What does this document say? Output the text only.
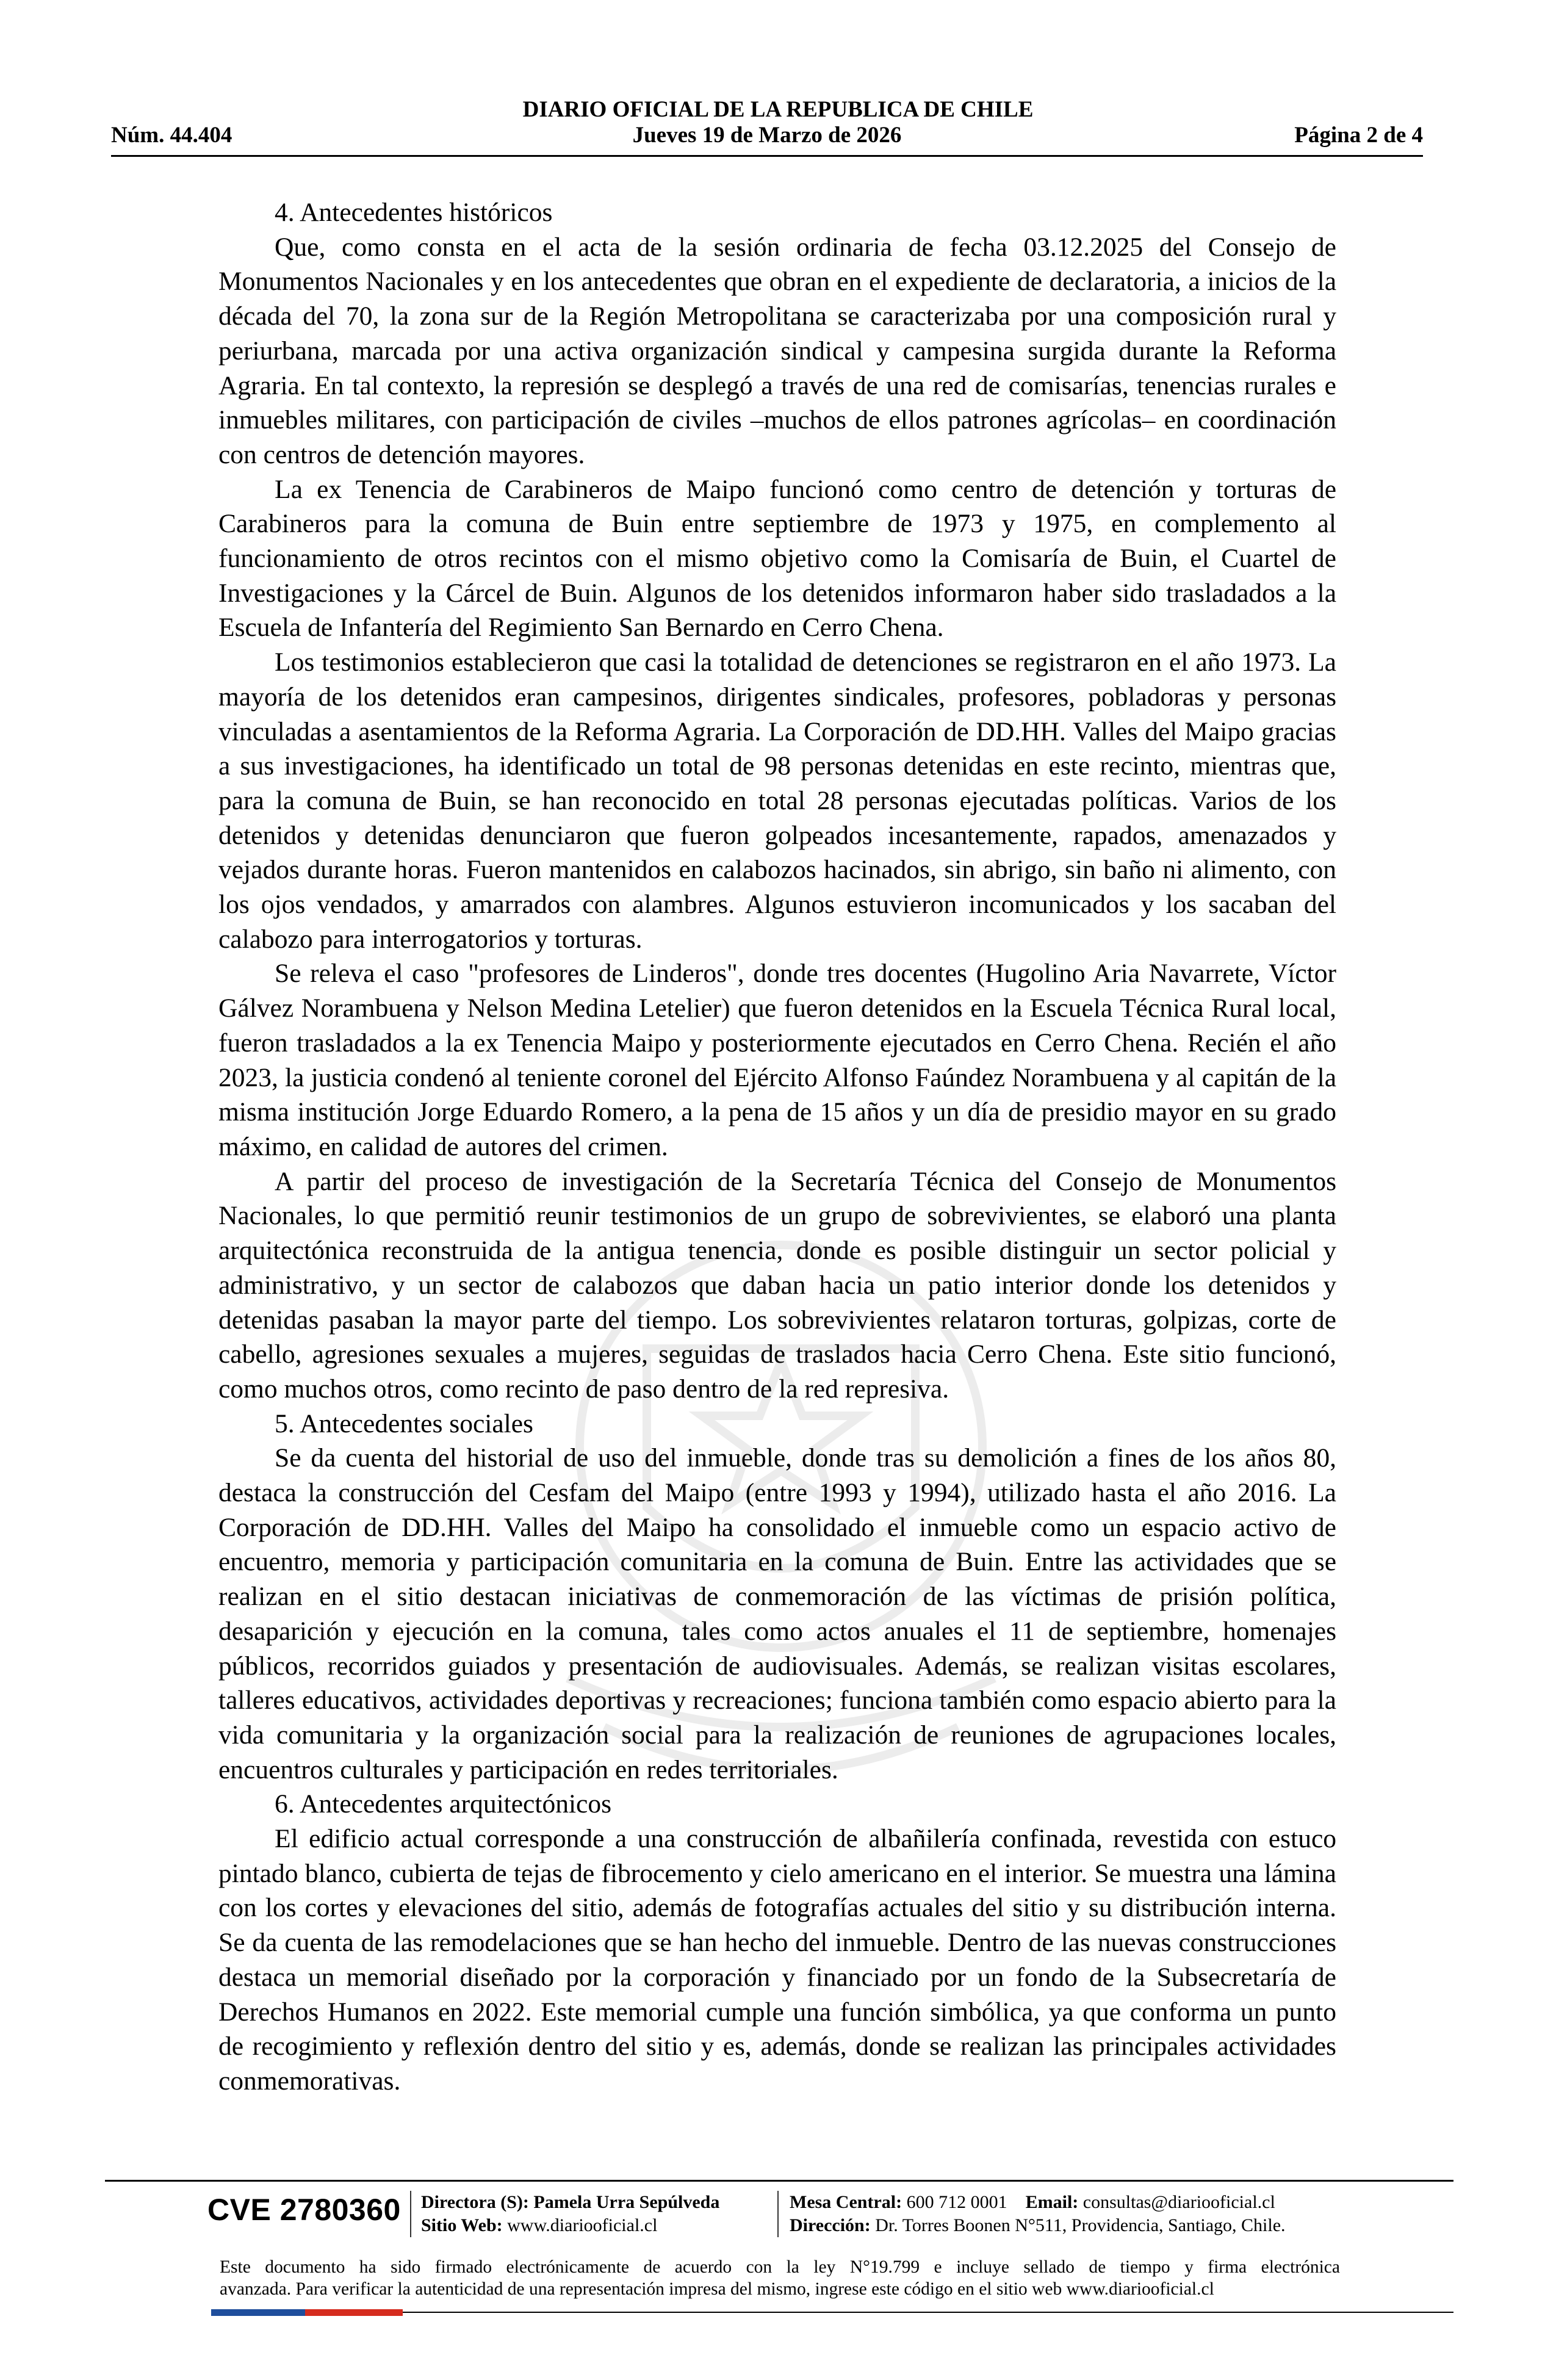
DIARIO OFICIAL DE LA REPUBLICA DE CHILE
Núm. 44.404	Jueves 19 de Marzo de 2026	Página 2 de 4

4. Antecedentes históricos

Que, como consta en el acta de la sesión ordinaria de fecha 03.12.2025 del Consejo de Monumentos Nacionales y en los antecedentes que obran en el expediente de declaratoria, a inicios de la década del 70, la zona sur de la Región Metropolitana se caracterizaba por una composición rural y periurbana, marcada por una activa organización sindical y campesina surgida durante la Reforma Agraria. En tal contexto, la represión se desplegó a través de una red de comisarías, tenencias rurales e inmuebles militares, con participación de civiles –muchos de ellos patrones agrícolas– en coordinación con centros de detención mayores.

La ex Tenencia de Carabineros de Maipo funcionó como centro de detención y torturas de Carabineros para la comuna de Buin entre septiembre de 1973 y 1975, en complemento al funcionamiento de otros recintos con el mismo objetivo como la Comisaría de Buin, el Cuartel de Investigaciones y la Cárcel de Buin. Algunos de los detenidos informaron haber sido trasladados a la Escuela de Infantería del Regimiento San Bernardo en Cerro Chena.

Los testimonios establecieron que casi la totalidad de detenciones se registraron en el año 1973. La mayoría de los detenidos eran campesinos, dirigentes sindicales, profesores, pobladoras y personas vinculadas a asentamientos de la Reforma Agraria. La Corporación de DD.HH. Valles del Maipo gracias a sus investigaciones, ha identificado un total de 98 personas detenidas en este recinto, mientras que, para la comuna de Buin, se han reconocido en total 28 personas ejecutadas políticas. Varios de los detenidos y detenidas denunciaron que fueron golpeados incesantemente, rapados, amenazados y vejados durante horas. Fueron mantenidos en calabozos hacinados, sin abrigo, sin baño ni alimento, con los ojos vendados, y amarrados con alambres. Algunos estuvieron incomunicados y los sacaban del calabozo para interrogatorios y torturas.

Se releva el caso "profesores de Linderos", donde tres docentes (Hugolino Aria Navarrete, Víctor Gálvez Norambuena y Nelson Medina Letelier) que fueron detenidos en la Escuela Técnica Rural local, fueron trasladados a la ex Tenencia Maipo y posteriormente ejecutados en Cerro Chena. Recién el año 2023, la justicia condenó al teniente coronel del Ejército Alfonso Faúndez Norambuena y al capitán de la misma institución Jorge Eduardo Romero, a la pena de 15 años y un día de presidio mayor en su grado máximo, en calidad de autores del crimen.

A partir del proceso de investigación de la Secretaría Técnica del Consejo de Monumentos Nacionales, lo que permitió reunir testimonios de un grupo de sobrevivientes, se elaboró una planta arquitectónica reconstruida de la antigua tenencia, donde es posible distinguir un sector policial y administrativo, y un sector de calabozos que daban hacia un patio interior donde los detenidos y detenidas pasaban la mayor parte del tiempo. Los sobrevivientes relataron torturas, golpizas, corte de cabello, agresiones sexuales a mujeres, seguidas de traslados hacia Cerro Chena. Este sitio funcionó, como muchos otros, como recinto de paso dentro de la red represiva.

5. Antecedentes sociales

Se da cuenta del historial de uso del inmueble, donde tras su demolición a fines de los años 80, destaca la construcción del Cesfam del Maipo (entre 1993 y 1994), utilizado hasta el año 2016. La Corporación de DD.HH. Valles del Maipo ha consolidado el inmueble como un espacio activo de encuentro, memoria y participación comunitaria en la comuna de Buin. Entre las actividades que se realizan en el sitio destacan iniciativas de conmemoración de las víctimas de prisión política, desaparición y ejecución en la comuna, tales como actos anuales el 11 de septiembre, homenajes públicos, recorridos guiados y presentación de audiovisuales. Además, se realizan visitas escolares, talleres educativos, actividades deportivas y recreaciones; funciona también como espacio abierto para la vida comunitaria y la organización social para la realización de reuniones de agrupaciones locales, encuentros culturales y participación en redes territoriales.

6. Antecedentes arquitectónicos

El edificio actual corresponde a una construcción de albañilería confinada, revestida con estuco pintado blanco, cubierta de tejas de fibrocemento y cielo americano en el interior. Se muestra una lámina con los cortes y elevaciones del sitio, además de fotografías actuales del sitio y su distribución interna. Se da cuenta de las remodelaciones que se han hecho del inmueble. Dentro de las nuevas construcciones destaca un memorial diseñado por la corporación y financiado por un fondo de la Subsecretaría de Derechos Humanos en 2022. Este memorial cumple una función simbólica, ya que conforma un punto de recogimiento y reflexión dentro del sitio y es, además, donde se realizan las principales actividades conmemorativas.

CVE 2780360 Directora (S): Pamela Urra Sepúlveda
Sitio Web: www.diariooficial.cl
Mesa Central: 600 712 0001 Email: consultas@diariooficial.cl
Dirección: Dr. Torres Boonen N°511, Providencia, Santiago, Chile.
Este documento ha sido firmado electrónicamente de acuerdo con la ley N°19.799 e incluye sellado de tiempo y firma electrónica
avanzada. Para verificar la autenticidad de una representación impresa del mismo, ingrese este código en el sitio web www.diariooficial.cl
